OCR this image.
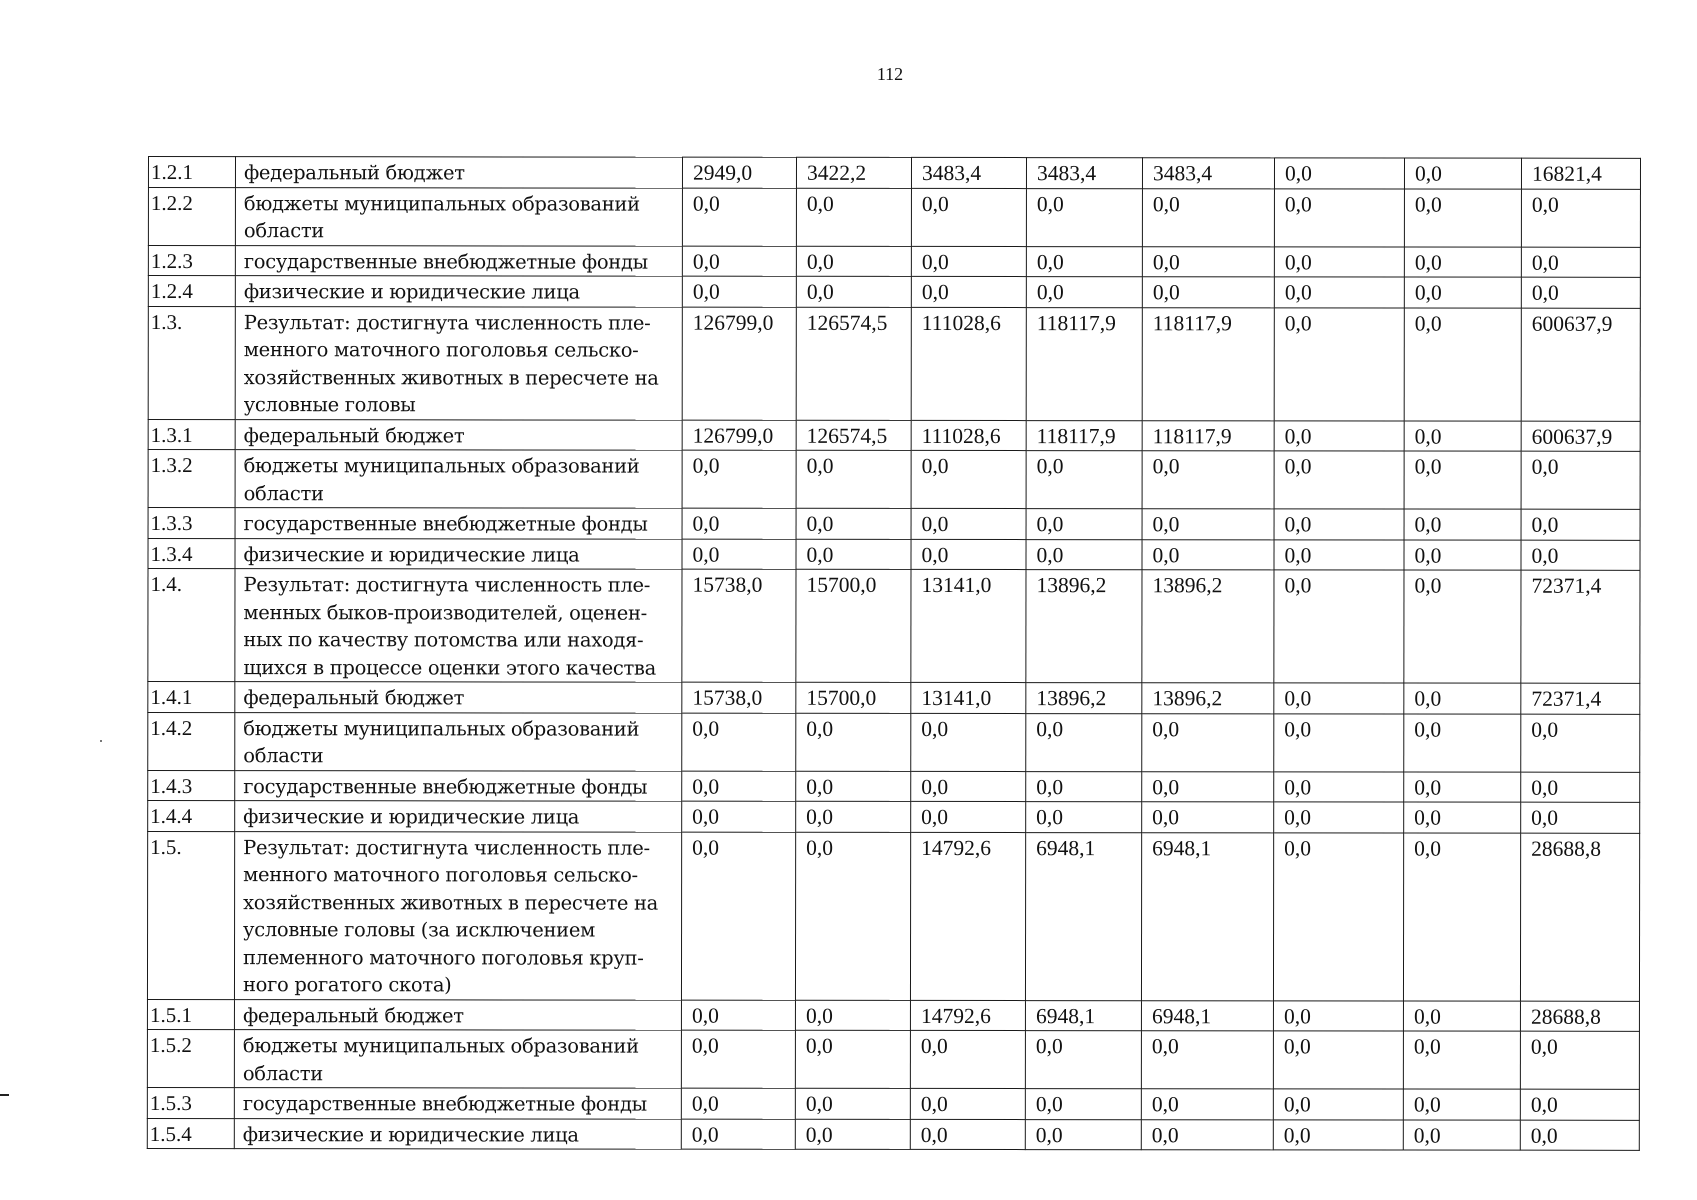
112
1.2.1	федеральный бюджет	2949,0	3422,2	3483,4	3483,4	3483,4	0,0	0,0	16821,4
1.2.2	бюджеты муниципальных образований области	0,0	0,0	0,0	0,0	0,0	0,0	0,0	0,0
1.2.3	государственные внебюджетные фонды	0,0	0,0	0,0	0,0	0,0	0,0	0,0	0,0
1.2.4	физические и юридические лица	0,0	0,0	0,0	0,0	0,0	0,0	0,0	0,0
1.3.	Результат: достигнута численность пле-менного маточного поголовья сельско-хозяйственных животных в пересчете на условные головы	126799,0	126574,5	111028,6	118117,9	118117,9	0,0	0,0	600637,9
1.3.1	федеральный бюджет	126799,0	126574,5	111028,6	118117,9	118117,9	0,0	0,0	600637,9
1.3.2	бюджеты муниципальных образований области	0,0	0,0	0,0	0,0	0,0	0,0	0,0	0,0
1.3.3	государственные внебюджетные фонды	0,0	0,0	0,0	0,0	0,0	0,0	0,0	0,0
1.3.4	физические и юридические лица	0,0	0,0	0,0	0,0	0,0	0,0	0,0	0,0
1.4.	Результат: достигнута численность пле-менных быков-производителей, оценен-ных по качеству потомства или находя-щихся в процессе оценки этого качества	15738,0	15700,0	13141,0	13896,2	13896,2	0,0	0,0	72371,4
1.4.1	федеральный бюджет	15738,0	15700,0	13141,0	13896,2	13896,2	0,0	0,0	72371,4
1.4.2	бюджеты муниципальных образований области	0,0	0,0	0,0	0,0	0,0	0,0	0,0	0,0
1.4.3	государственные внебюджетные фонды	0,0	0,0	0,0	0,0	0,0	0,0	0,0	0,0
1.4.4	физические и юридические лица	0,0	0,0	0,0	0,0	0,0	0,0	0,0	0,0
1.5.	Результат: достигнута численность пле-менного маточного поголовья сельско-хозяйственных животных в пересчете на условные головы (за исключением племенного маточного поголовья круп-ного рогатого скота)	0,0	0,0	14792,6	6948,1	6948,1	0,0	0,0	28688,8
1.5.1	федеральный бюджет	0,0	0,0	14792,6	6948,1	6948,1	0,0	0,0	28688,8
1.5.2	бюджеты муниципальных образований области	0,0	0,0	0,0	0,0	0,0	0,0	0,0	0,0
1.5.3	государственные внебюджетные фонды	0,0	0,0	0,0	0,0	0,0	0,0	0,0	0,0
1.5.4	физические и юридические лица	0,0	0,0	0,0	0,0	0,0	0,0	0,0	0,0
